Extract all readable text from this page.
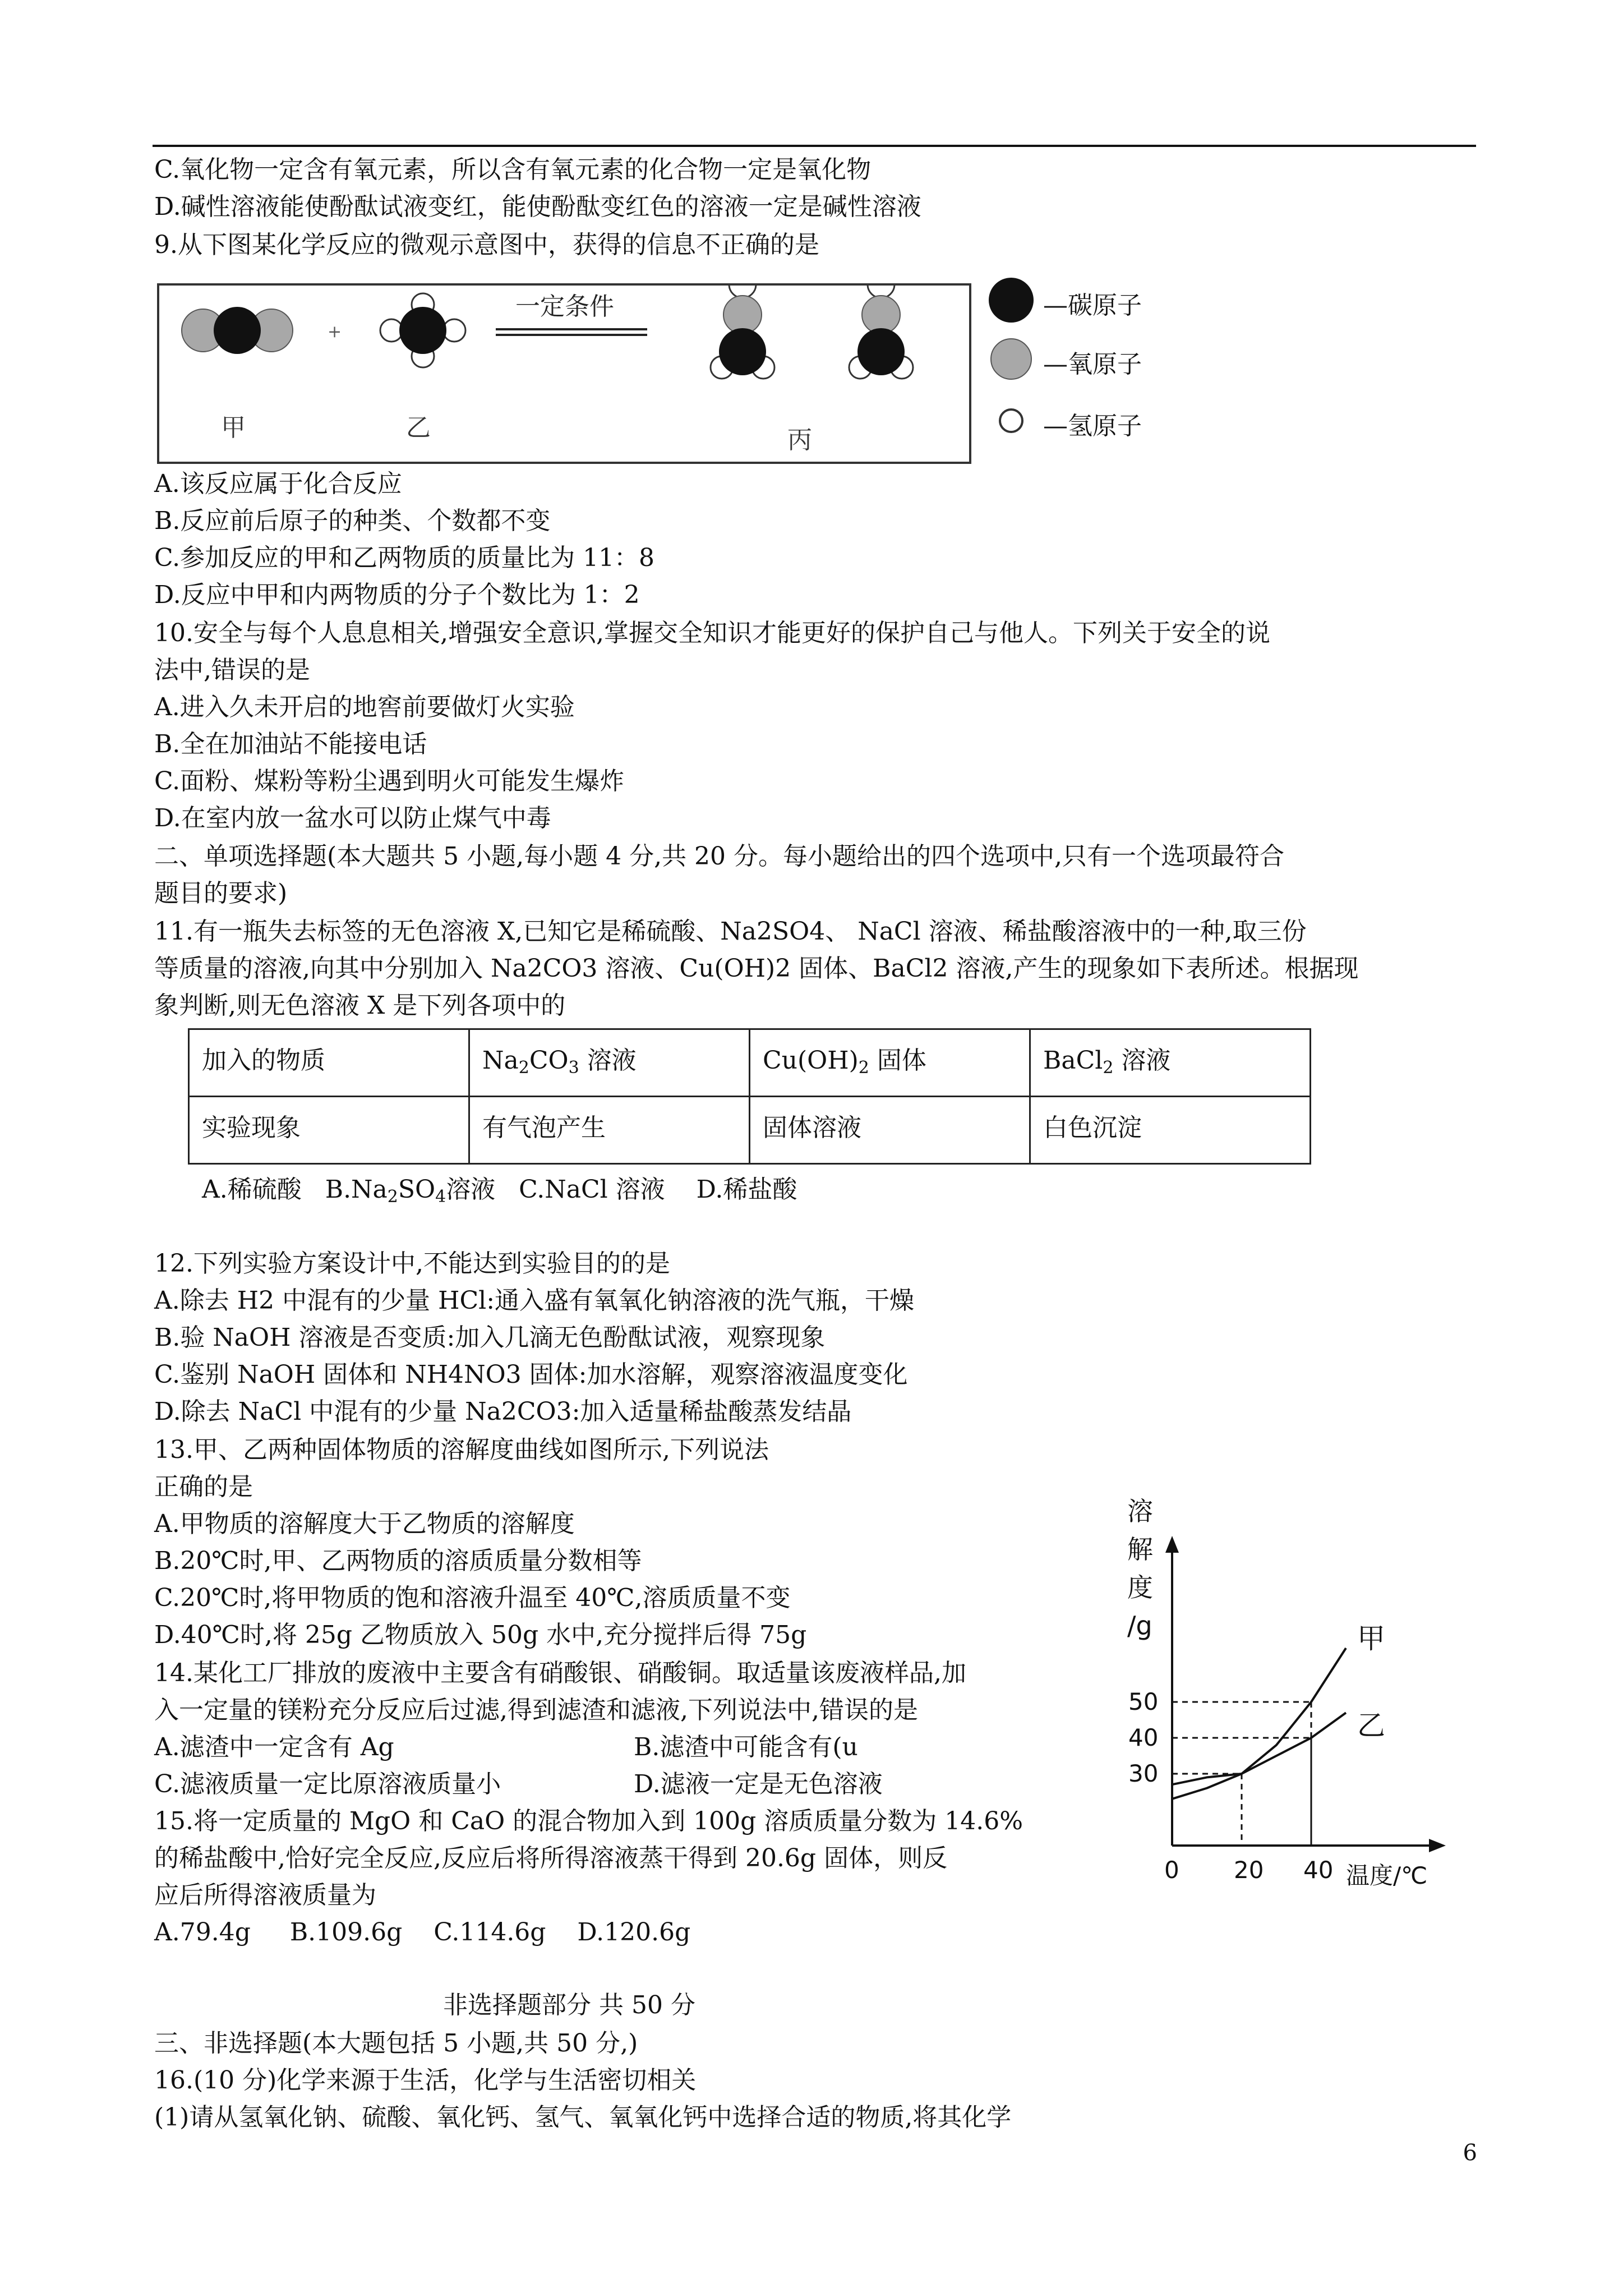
C.氧化物一定含有氧元素，所以含有氧元素的化合物一定是氧化物
D.碱性溶液能使酚酞试液变红，能使酚酞变红色的溶液一定是碱性溶液
9.从下图某化学反应的微观示意图中，获得的信息不正确的是
+
一定条件
甲	乙	丙
—碳原子
—氧原子
—氢原子
A.该反应属于化合反应
B.反应前后原子的种类、个数都不变
C.参加反应的甲和乙两物质的质量比为 11：8
D.反应中甲和内两物质的分子个数比为 1：2
10.安全与每个人息息相关,增强安全意识,掌握交全知识才能更好的保护自己与他人。下列关于安全的说
法中,错误的是
A.进入久未开启的地窖前要做灯火实验
B.全在加油站不能接电话
C.面粉、煤粉等粉尘遇到明火可能发生爆炸
D.在室内放一盆水可以防止煤气中毒
二、单项选择题(本大题共 5 小题,每小题 4 分,共 20 分。每小题给出的四个选项中,只有一个选项最符合
题目的要求)
11.有一瓶失去标签的无色溶液 X,已知它是稀硫酸、Na2SO4、 NaCl 溶液、稀盐酸溶液中的一种,取三份
等质量的溶液,向其中分别加入 Na2CO3 溶液、Cu(OH)2 固体、BaCl2 溶液,产生的现象如下表所述。根据现
象判断,则无色溶液 X 是下列各项中的
加入的物质	$Na_2CO_3$ 溶液	$Cu(OH)_2$ 固体	BaCl$_2$ 溶液
实验现象	有气泡产生	固体溶液	白色沉淀
A.稀硫酸 $B.Na_2SO_4$溶液 C.NaCl 溶液 D.稀盐酸
12.下列实验方案设计中,不能达到实验目的的是
A.除去 H2 中混有的少量 HCl:通入盛有氧氧化钠溶液的洗气瓶，干燥
B.验 NaOH 溶液是否变质:加入几滴无色酚酞试液，观察现象
C.鉴别 NaOH 固体和 NH4NO3 固体:加水溶解，观察溶液温度变化
D.除去 NaCl 中混有的少量 Na2CO3:加入适量稀盐酸蒸发结晶
13.甲、乙两种固体物质的溶解度曲线如图所示,下列说法
正确的是
A.甲物质的溶解度大于乙物质的溶解度
B.20℃时,甲、乙两物质的溶质质量分数相等
C.20℃时,将甲物质的饱和溶液升温至 40℃,溶质质量不变
D.40℃时,将 25g 乙物质放入 50g 水中,充分搅拌后得 75g
14.某化工厂排放的废液中主要含有硝酸银、硝酸铜。取适量该废液样品,加
入一定量的镁粉充分反应后过滤,得到滤渣和滤液,下列说法中,错误的是
A.滤渣中一定含有 Ag	B.滤渣中可能含有(u
C.滤液质量一定比原溶液质量小	D.滤液一定是无色溶液
15.将一定质量的 MgO 和 CaO 的混合物加入到 100g 溶质质量分数为 14.6%
的稀盐酸中,恰好完全反应,反应后将所得溶液蒸干得到 20.6g 固体，则反
应后所得溶液质量为
A.79.4g B.109.6g C.114.6g D.120.6g
非选择题部分 共 50 分
三、非选择题(本大题包括 5 小题,共 50 分,)
16.(10 分)化学来源于生活，化学与生活密切相关
(1)请从氢氧化钠、硫酸、氧化钙、氢气、氧氧化钙中选择合适的物质,将其化学
6
溶
解
度
/g
0 20 40 温度/℃
30
40
50
甲
乙
